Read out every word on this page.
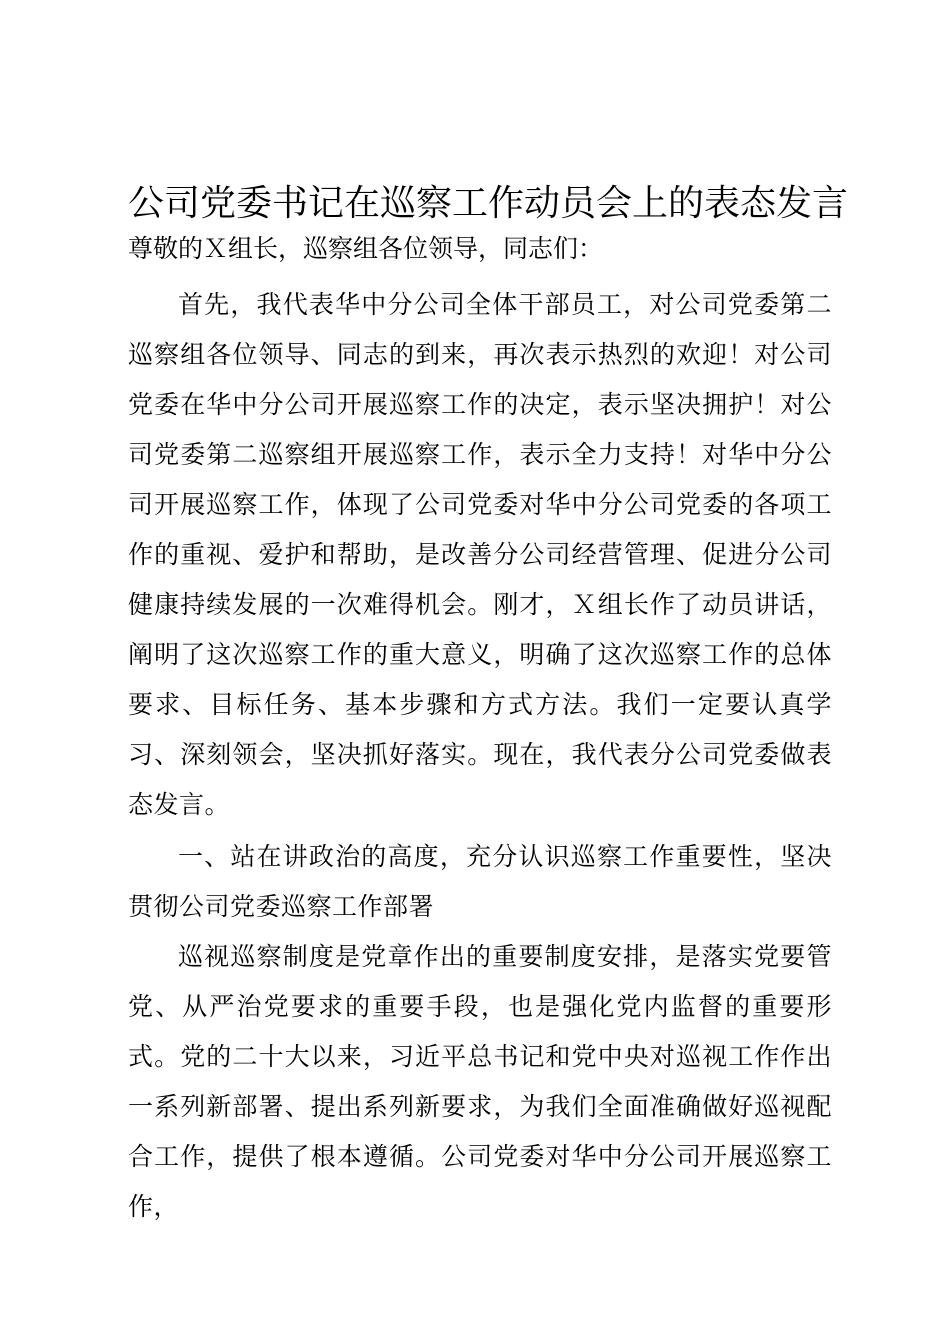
公司党委书记在巡察工作动员会上的表态发言

尊敬的Ｘ组长，巡察组各位领导，同志们：

首先，我代表华中分公司全体干部员工，对公司党委第二巡察组各位领导、同志的到来，再次表示热烈的欢迎！对公司党委在华中分公司开展巡察工作的决定，表示坚决拥护！对公司党委第二巡察组开展巡察工作，表示全力支持！对华中分公司开展巡察工作，体现了公司党委对华中分公司党委的各项工作的重视、爱护和帮助，是改善分公司经营管理、促进分公司健康持续发展的一次难得机会。刚才，Ｘ组长作了动员讲话，阐明了这次巡察工作的重大意义，明确了这次巡察工作的总体要求、目标任务、基本步骤和方式方法。我们一定要认真学习、深刻领会，坚决抓好落实。现在，我代表分公司党委做表态发言。

一、站在讲政治的高度，充分认识巡察工作重要性，坚决贯彻公司党委巡察工作部署

巡视巡察制度是党章作出的重要制度安排，是落实党要管党、从严治党要求的重要手段，也是强化党内监督的重要形式。党的二十大以来，习近平总书记和党中央对巡视工作作出一系列新部署、提出系列新要求，为我们全面准确做好巡视配合工作，提供了根本遵循。公司党委对华中分公司开展巡察工作，
